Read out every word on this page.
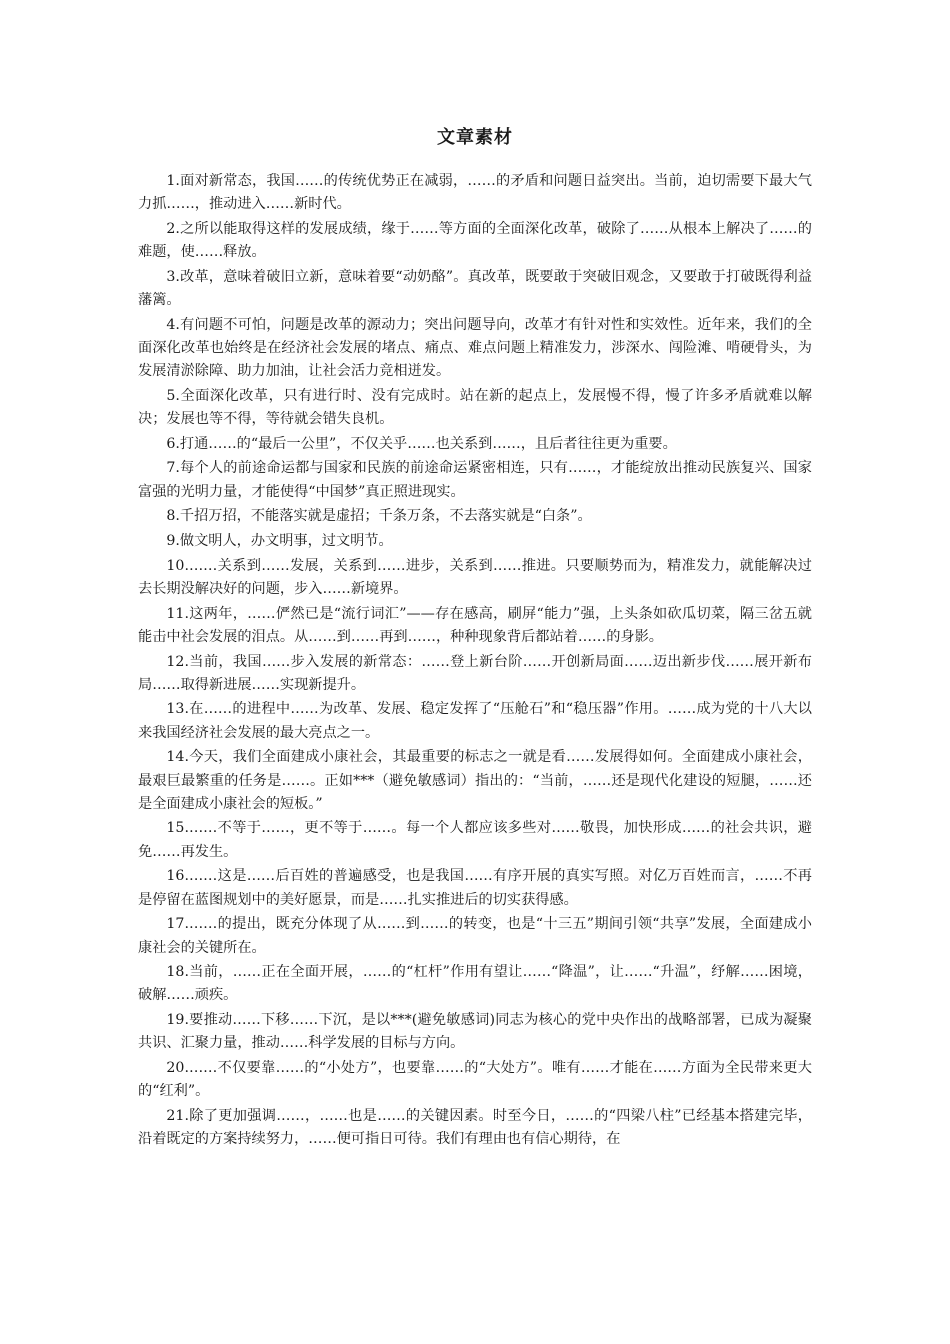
文章素材

1.面对新常态，我国……的传统优势正在减弱，……的矛盾和问题日益突出。当前，迫切需要下最大气力抓……，推动进入……新时代。

2.之所以能取得这样的发展成绩，缘于……等方面的全面深化改革，破除了……从根本上解决了……的难题，使……释放。

3.改革，意味着破旧立新，意味着要“动奶酪”。真改革，既要敢于突破旧观念，又要敢于打破既得利益藩篱。

4.有问题不可怕，问题是改革的源动力；突出问题导向，改革才有针对性和实效性。近年来，我们的全面深化改革也始终是在经济社会发展的堵点、痛点、难点问题上精准发力，涉深水、闯险滩、啃硬骨头，为发展清淤除障、助力加油，让社会活力竞相迸发。

5.全面深化改革，只有进行时、没有完成时。站在新的起点上，发展慢不得，慢了许多矛盾就难以解决；发展也等不得，等待就会错失良机。

6.打通……的“最后一公里”，不仅关乎……也关系到……，且后者往往更为重要。

7.每个人的前途命运都与国家和民族的前途命运紧密相连，只有……，才能绽放出推动民族复兴、国家富强的光明力量，才能使得“中国梦”真正照进现实。

8.千招万招，不能落实就是虚招；千条万条，不去落实就是“白条”。

9.做文明人，办文明事，过文明节。

10.……关系到……发展，关系到……进步，关系到……推进。只要顺势而为，精准发力，就能解决过去长期没解决好的问题，步入……新境界。

11.这两年，……俨然已是“流行词汇”——存在感高，刷屏“能力”强，上头条如砍瓜切菜，隔三岔五就能击中社会发展的泪点。从……到……再到……，种种现象背后都站着……的身影。

12.当前，我国……步入发展的新常态：……登上新台阶……开创新局面……迈出新步伐……展开新布局……取得新进展……实现新提升。

13.在……的进程中……为改革、发展、稳定发挥了“压舱石”和“稳压器”作用。……成为党的十八大以来我国经济社会发展的最大亮点之一。

14.今天，我们全面建成小康社会，其最重要的标志之一就是看……发展得如何。全面建成小康社会，最艰巨最繁重的任务是……。正如***（避免敏感词）指出的：“当前，……还是现代化建设的短腿，……还是全面建成小康社会的短板。”

15.……不等于……，更不等于……。每一个人都应该多些对……敬畏，加快形成……的社会共识，避免……再发生。

16.……这是……后百姓的普遍感受，也是我国……有序开展的真实写照。对亿万百姓而言，……不再是停留在蓝图规划中的美好愿景，而是……扎实推进后的切实获得感。

17.……的提出，既充分体现了从……到……的转变，也是“十三五”期间引领“共享”发展，全面建成小康社会的关键所在。

18.当前，……正在全面开展，……的“杠杆”作用有望让……“降温”，让……“升温”，纾解……困境，破解……顽疾。

19.要推动……下移……下沉，是以***(避免敏感词)同志为核心的党中央作出的战略部署，已成为凝聚共识、汇聚力量，推动……科学发展的目标与方向。

20.……不仅要靠……的“小处方”，也要靠……的“大处方”。唯有……才能在……方面为全民带来更大的“红利”。

21.除了更加强调……，……也是……的关键因素。时至今日，……的“四梁八柱”已经基本搭建完毕，沿着既定的方案持续努力，……便可指日可待。我们有理由也有信心期待，在
